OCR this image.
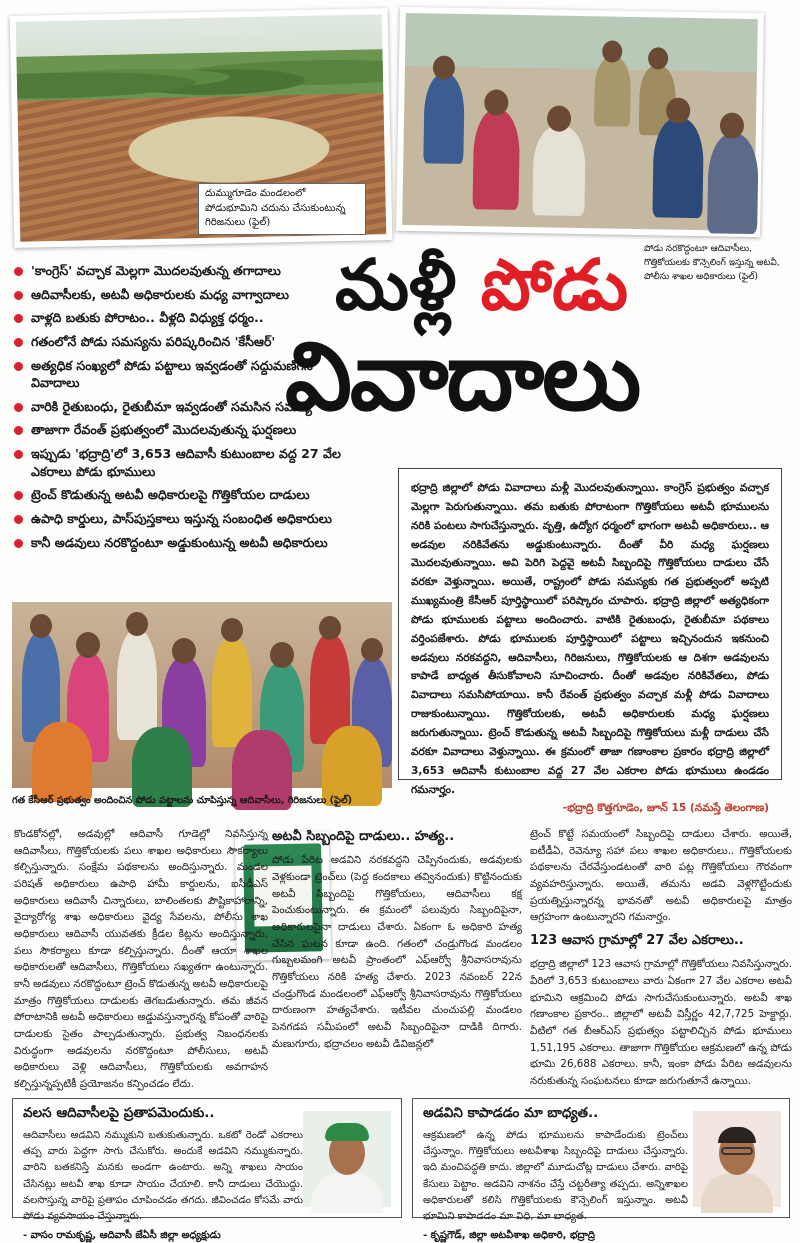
దుమ్ముగూడెం మండలంలో పోడుభూమిని చదును చేసుకుంటున్న గిరిజనులు (ఫైల్)
పోడు నరకొద్దంటూ ఆదివాసీలు, గొత్తికోయలకు కౌన్సెలింగ్ ఇస్తున్న అటవీ, పోలీసు శాఖల అధికారులు (ఫైల్)
'కాంగ్రెస్' వచ్చాక మెల్లగా మొదలవుతున్న తగాదాలు
ఆదివాసీలకు, అటవీ అధికారులకు మధ్య వాగ్వాదాలు
వాళ్లది బతుకు పోరాటం.. వీళ్లది విధ్యుక్త ధర్మం..
గతంలోనే పోడు సమస్యను పరిష్కరించిన 'కేసీఆర్'
అత్యధిక సంఖ్యలో పోడు పట్టాలు ఇవ్వడంతో సద్దుమణిగిన వివాదాలు
వారికి రైతుబంధు, రైతుబీమా ఇవ్వడంతో సమసిన సమస్య
తాజాగా రేవంత్ ప్రభుత్వంలో మొదలవుతున్న ఘర్షణలు
ఇప్పుడు 'భద్రాద్రి'లో 3,653 ఆదివాసీ కుటుంబాల వద్ద 27 వేల ఎకరాలు పోడు భూములు
ట్రెంచ్ కొడుతున్న అటవీ అధికారులపై గొత్తికోయల దాడులు
ఉపాధి కార్డులు, పాస్‌పుస్తకాలు ఇస్తున్న సంబంధిత అధికారులు
కానీ అడవులు నరకొద్దంటూ అడ్డుకుంటున్న అటవీ అధికారులు
మళ్లీ పోడు
వివాదాలు
భద్రాద్రి జిల్లాలో పోడు వివాదాలు మళ్లీ మొదలవుతున్నాయి. కాంగ్రెస్ ప్రభుత్వం వచ్చాక మెల్లగా పెరుగుతున్నాయి. తమ బతుకు పోరాటంగా గొత్తికోయలు అటవీ భూములను నరికి పంటలు సాగుచేస్తున్నారు. వృత్తి, ఉద్యోగ ధర్మంలో భాగంగా అటవీ అధికారులు.. ఆ అడవుల నరికివేతను అడ్డుకుంటున్నారు. దీంతో వీరి మధ్య ఘర్షణలు మొదలవుతున్నాయి. అవి పెరిగి పెద్దవై అటవీ సిబ్బందిపై గొత్తికోయలు దాడులు చేసే వరకూ వెళ్తున్నాయి. అయితే, రాష్ట్రంలో పోడు సమస్యకు గత ప్రభుత్వంలో అప్పటి ముఖ్యమంత్రి కేసీఆర్ పూర్తిస్థాయిలో పరిష్కారం చూపారు. భద్రాద్రి జిల్లాలో అత్యధికంగా పోడు భూములకు పట్టాలు అందించారు. వాటికి రైతుబంధు, రైతుబీమా పథకాలు వర్తింపజేశారు. పోడు భూములకు పూర్తిస్థాయిలో పట్టాలు ఇచ్చినందున ఇకనుంచి అడవులు నరకవద్దని, ఆదివాసీలు, గిరిజనులు, గొత్తికోయలకు ఆ దిశగా అడవులను కాపాడే బాధ్యత తీసుకోవాలని సూచించారు. దీంతో అడవుల నరికివేతలు, పోడు వివాదాలు సమసిపోయాయి. కానీ రేవంత్ ప్రభుత్వం వచ్చాక మళ్లీ పోడు వివాదాలు రాజుకుంటున్నాయి. గొత్తికోయలకు, అటవీ అధికారులకు మధ్య ఘర్షణలు జరుగుతున్నాయి. ట్రెంచ్ కొడుతున్న అటవీ సిబ్బందిపై గొత్తికోయలు మళ్లీ దాడులు చేసే వరకూ వివాదాలు వెళ్తున్నాయి. ఈ క్రమంలో తాజా గణాంకాల ప్రకారం భద్రాద్రి జిల్లాలో 3,653 ఆదివాసీ కుటుంబాల వద్ద 27 వేల ఎకరాల పోడు భూములు ఉండడం గమనార్హం.
-భద్రాద్రి కొత్తగూడెం, జూన్ 15 (నమస్తే తెలంగాణ)
గత కేసీఆర్ ప్రభుత్వం అందించిన పోడు పట్టాలను చూపిస్తున్న ఆదివాసీలు, గిరిజనులు (ఫైల్)
కొండకోనల్లో, అడవుల్లో ఆదివాసీ గూడెల్లో నివసిస్తున్న ఆదివాసీలు, గొత్తికోయలకు పలు శాఖల అధికారులు సౌకర్యాలు కల్పిస్తున్నారు. సంక్షేమ పథకాలను అందిస్తున్నారు. మండల పరిషత్ అధికారులు ఉపాధి హామీ కార్డులను, ఐసీడీఎస్ అధికారులు ఆదివాసీ చిన్నారులు, బాలింతలకు పౌష్టికాహారాన్ని, వైద్యారోగ్య శాఖ అధికారులు వైద్య సేవలను, పోలీసు శాఖ అధికారులు ఆదివాసీ యువతకు క్రీడల కిట్లను అందిస్తున్నారు. పలు సౌకర్యాలు కూడా కల్పిస్తున్నారు. దీంతో ఆయా శాఖల అధికారులతో ఆదివాసీలు, గొత్తికోయలు సఖ్యతగా ఉంటున్నారు. కానీ అడవులు నరకొద్దంటూ ట్రెంచ్ కొడుతున్న అటవీ అధికారులపై మాత్రం గొత్తికోయలు దాడులకు తెగబడుతున్నారు. తమ జీవన పోరాటానికి అటవీ అధికారులు అడ్డువస్తున్నారన్న కోపంతో వారిపై దాడులకు సైతం పాల్పడుతున్నారు. ప్రభుత్వ నిబంధనలకు విరుద్ధంగా అడవులను నరకొద్దంటూ పోలీసులు, అటవీ అధికారులు వెళ్లి ఆదివాసీలు, గొత్తికోయలకు అవగాహన కల్పిస్తున్నప్పటికీ ప్రయోజనం కన్పించడం లేదు.
అటవీ సిబ్బందిపై దాడులు.. హత్య..
పోడు పేరిట అడవిని నరకవద్దని చెప్పినందుకు, అడవులకు వెళ్లకుండా ట్రెంచ్‌లు (పెద్ద కందకాలు తవ్వినందుకు) కొట్టినందుకు అటవీ సిబ్బందిపై గొత్తికోయలు, ఆదివాసీలు కక్ష పెంచుకుంటున్నారు. ఈ క్రమంలో పలువురు సిబ్బందిపైనా, అధికారులపైనా దాడులు చేశారు. ఏకంగా ఓ అధికారి హత్య చేసిన ఘటన కూడా ఉంది. గతంలో చండ్రుగొండ మండలం గుబ్బలమంగి అటవీ ప్రాంతంలో ఎఫ్‌ఆర్వో శ్రీనివాసరావును గొత్తికోయలు నరికి హత్య చేశారు. 2023 నవంబర్ 22న చండ్రుగొండ మండలంలో ఎఫ్‌ఆర్వో శ్రీనివాసరావును గొత్తికోయలు దారుణంగా హత్యచేశారు. ఇటీవల చుంచుపల్లి మండలం పెనగడప సమీపంలో అటవీ సిబ్బందిపైనా దాడికి దిగారు. మణుగూరు, భద్రాచలం అటవీ డివిజన్లలో
ట్రెంచ్ కొట్టే సమయంలో సిబ్బందిపై దాడులు చేశారు. అయితే, ఐటీడీఏ, రెవెన్యూ సహా పలు శాఖల అధికారులు.. గొత్తికోయలకు పథకాలను చేరవేస్తుండటంతో వారి పట్ల గొత్తికోయలు గౌరవంగా వ్యవహరిస్తున్నారు. అయితే, తమను అడవి వెళ్లగొట్టేందుకు ప్రయత్నిస్తున్నారన్న భావనతో అటవీ అధికారులపై మాత్రం ఆగ్రహంగా ఉంటున్నారని గమనార్హం.
123 ఆవాస గ్రామాల్లో 27 వేల ఎకరాలు..
భద్రాద్రి జిల్లాలో 123 ఆవాస గ్రామాల్లో గొత్తికోయలు నివసిస్తున్నారు. వీరిలో 3,653 కుటుంబాలు వారు ఏకంగా 27 వేల ఎకరాల అటవీ భూమిని ఆక్రమించి పోడు సాగుచేసుకుంటున్నారు. అటవీ శాఖ గణాంకాల ప్రకారం.. జిల్లాలో అటవీ విస్తీర్ణం 42,7,725 హెక్టార్లు. వీటిలో గత బీఆర్ఎస్ ప్రభుత్వం పట్టాలిచ్చిన పోడు భూములు 1,51,195 ఎకరాలు. తాజాగా గొత్తికోయల ఆక్రమణలో ఉన్న పోడు భూమి 26,688 ఎకరాలు. కానీ, ఇంకా పోడు పేరిట అడవులను నరుకుతున్న సంఘటనలు కూడా జరుగుతూనే ఉన్నాయి.
వలస ఆదివాసీలపై ప్రతాపమెందుకు..
ఆదివాసీలు అడవిని నమ్ముకుని బతుకుతున్నారు. ఒకటో రెండో ఎకరాలు తప్ప వారు పెద్దగా సాగు చేసుకోరు. అందుకే అడవిని నమ్ముకున్నారు. వారిని బతకనిస్తే మనకు అండగా ఉంటారు. అన్ని శాఖలు సాయం చేసినట్లు అటవీ శాఖ కూడా సాయం చేయాలి. కానీ దాడులు చేయొద్దు. వలసొస్తున్న వారిపై ప్రతాపం చూపించడం తగదు. జీవించడం కోసమే వారు పోడు వ్యవసాయం చేస్తున్నారు.
- వాసం రామకృష్ణ, ఆదివాసీ జేఏసీ జిల్లా అధ్యక్షుడు
అడవిని కాపాడడం మా బాధ్యత..
ఆక్రమణలో ఉన్న పోడు భూములను కాపాడేందుకు ట్రెంచ్‌లు చేస్తున్నాం. గొత్తికోయలు అటవీశాఖ సిబ్బందిపై దాడులు చేస్తున్నారు. ఇది మంచిపద్ధతి కాదు. జిల్లాలో మూడుచోట్ల దాడులు చేశారు. వారిపై కేసులు పెట్టాం. అడవిని నాశనం చేస్తే చట్టరీత్యా తప్పదు. అన్నిశాఖల అధికారులతో కలిసి గొత్తికోయలకు కౌన్సెలింగ్ ఇస్తున్నాం. అటవీ భూమిని కాపాడడం మా విధి, మా బాధ్యత.
- కృష్ణగౌడ్, జిల్లా అటవీశాఖ అధికారి, భద్రాద్రి
